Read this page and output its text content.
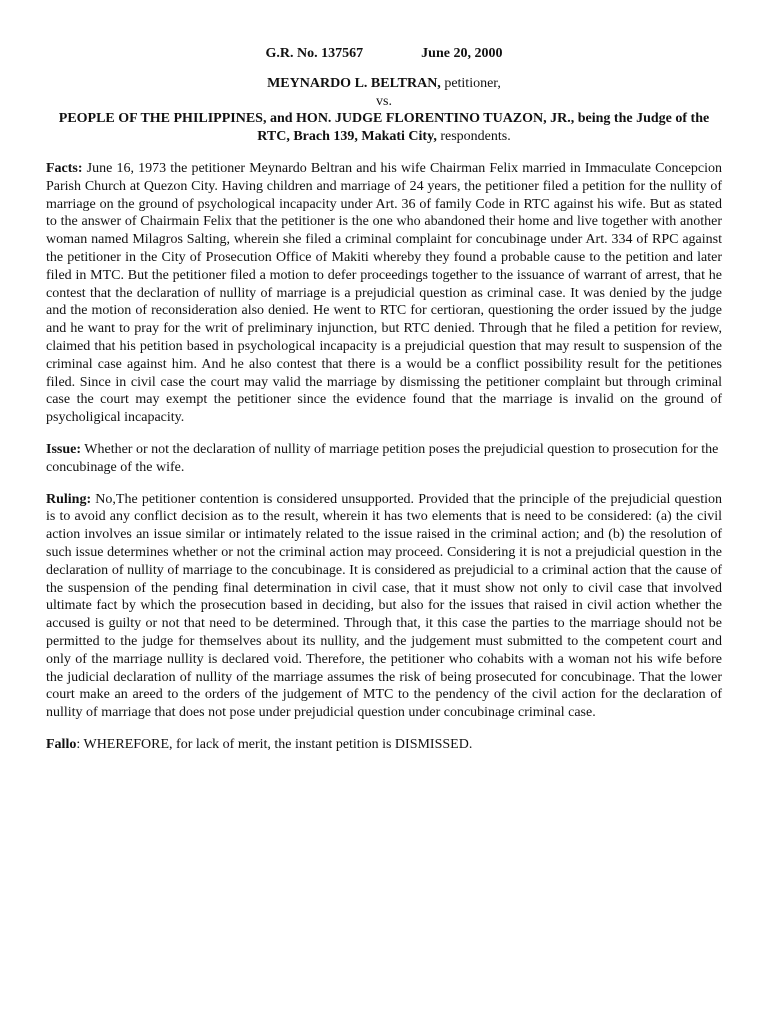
G.R. No. 137567	June 20, 2000
MEYNARDO L. BELTRAN, petitioner,
vs.
PEOPLE OF THE PHILIPPINES, and HON. JUDGE FLORENTINO TUAZON, JR., being the Judge of the RTC, Brach 139, Makati City, respondents.

Facts: June 16, 1973 the petitioner Meynardo Beltran and his wife Chairman Felix married in Immaculate Concepcion Parish Church at Quezon City. Having children and marriage of 24 years, the petitioner filed a petition for the nullity of marriage on the ground of psychological incapacity under Art. 36 of family Code in RTC against his wife. But as stated to the answer of Chairmain Felix that the petitioner is the one who abandoned their home and live together with another woman named Milagros Salting, wherein she filed a criminal complaint for concubinage under Art. 334 of RPC against the petitioner in the City of Prosecution Office of Makiti whereby they found a probable cause to the petition and later filed in MTC. But the petitioner filed a motion to defer proceedings together to the issuance of warrant of arrest, that he contest that the declaration of nullity of marriage is a prejudicial question as criminal case. It was denied by the judge and the motion of reconsideration also denied. He went to RTC for certioran, questioning the order issued by the judge and he want to pray for the writ of preliminary injunction, but RTC denied. Through that he filed a petition for review, claimed that his petition based in psychological incapacity is a prejudicial question that may result to suspension of the criminal case against him. And he also contest that there is a would be a conflict possibility result for the petitiones filed. Since in civil case the court may valid the marriage by dismissing the petitioner complaint but through criminal case the court may exempt the petitioner since the evidence found that the marriage is invalid on the ground of psycholigical incapacity.

Issue: Whether or not the declaration of nullity of marriage petition poses the prejudicial question to prosecution for the concubinage of the wife.

Ruling: No,The petitioner contention is considered unsupported. Provided that the principle of the prejudicial question is to avoid any conflict decision as to the result, wherein it has two elements that is need to be considered: (a) the civil action involves an issue similar or intimately related to the issue raised in the criminal action; and (b) the resolution of such issue determines whether or not the criminal action may proceed. Considering it is not a prejudicial question in the declaration of nullity of marriage to the concubinage. It is considered as prejudicial to a criminal action that the cause of the suspension of the pending final determination in civil case, that it must show not only to civil case that involved ultimate fact by which the prosecution based in deciding, but also for the issues that raised in civil action whether the accused is guilty or not that need to be determined. Through that, it this case the parties to the marriage should not be permitted to the judge for themselves about its nullity, and the judgement must submitted to the competent court and only of the marriage nullity is declared void. Therefore, the petitioner who cohabits with a woman not his wife before the judicial declaration of nullity of the marriage assumes the risk of being prosecuted for concubinage. That the lower court make an areed to the orders of the judgement of MTC to the pendency of the civil action for the declaration of nullity of marriage that does not pose under prejudicial question under concubinage criminal case.

Fallo: WHEREFORE, for lack of merit, the instant petition is DISMISSED.
